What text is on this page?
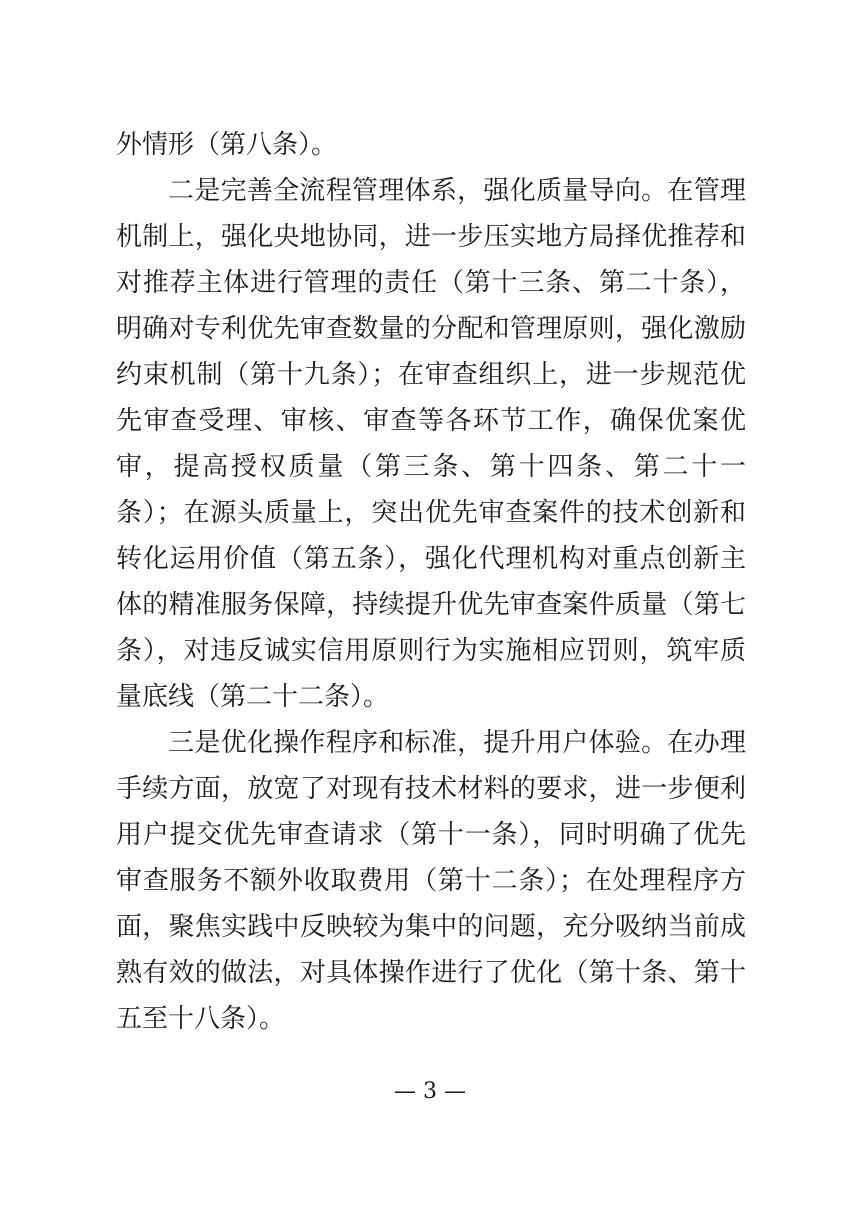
外情形（第八条）。

二是完善全流程管理体系，强化质量导向。在管理机制上，强化央地协同，进一步压实地方局择优推荐和对推荐主体进行管理的责任（第十三条、第二十条），明确对专利优先审查数量的分配和管理原则，强化激励约束机制（第十九条）；在审查组织上，进一步规范优先审查受理、审核、审查等各环节工作，确保优案优审，提高授权质量（第三条、第十四条、第二十一条）；在源头质量上，突出优先审查案件的技术创新和转化运用价值（第五条），强化代理机构对重点创新主体的精准服务保障，持续提升优先审查案件质量（第七条），对违反诚实信用原则行为实施相应罚则，筑牢质量底线（第二十二条）。

三是优化操作程序和标准，提升用户体验。在办理手续方面，放宽了对现有技术材料的要求，进一步便利用户提交优先审查请求（第十一条），同时明确了优先审查服务不额外收取费用（第十二条）；在处理程序方面，聚焦实践中反映较为集中的问题，充分吸纳当前成熟有效的做法，对具体操作进行了优化（第十条、第十五至十八条）。

— 3 —
